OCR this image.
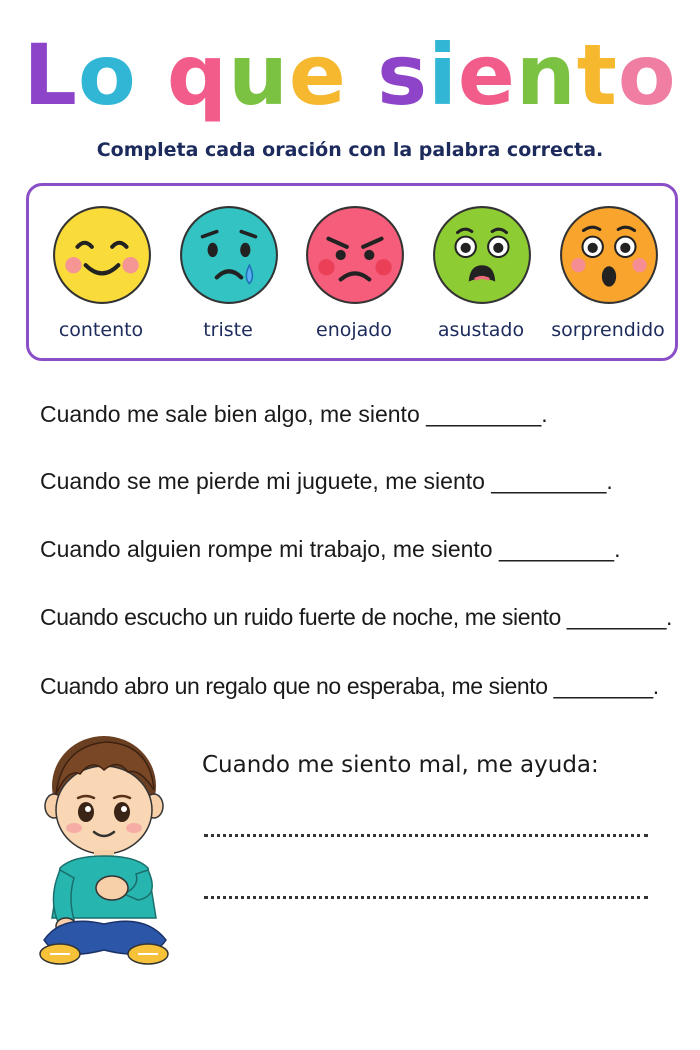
Lo que siento
Completa cada oración con la palabra correcta.
contento	triste	enojado	asustado	sorprendido
Cuando me sale bien algo, me siento _________.
Cuando se me pierde mi juguete, me siento _________.
Cuando alguien rompe mi trabajo, me siento _________.
Cuando escucho un ruido fuerte de noche, me siento ________.
Cuando abro un regalo que no esperaba, me siento ________.
Cuando me siento mal, me ayuda:
